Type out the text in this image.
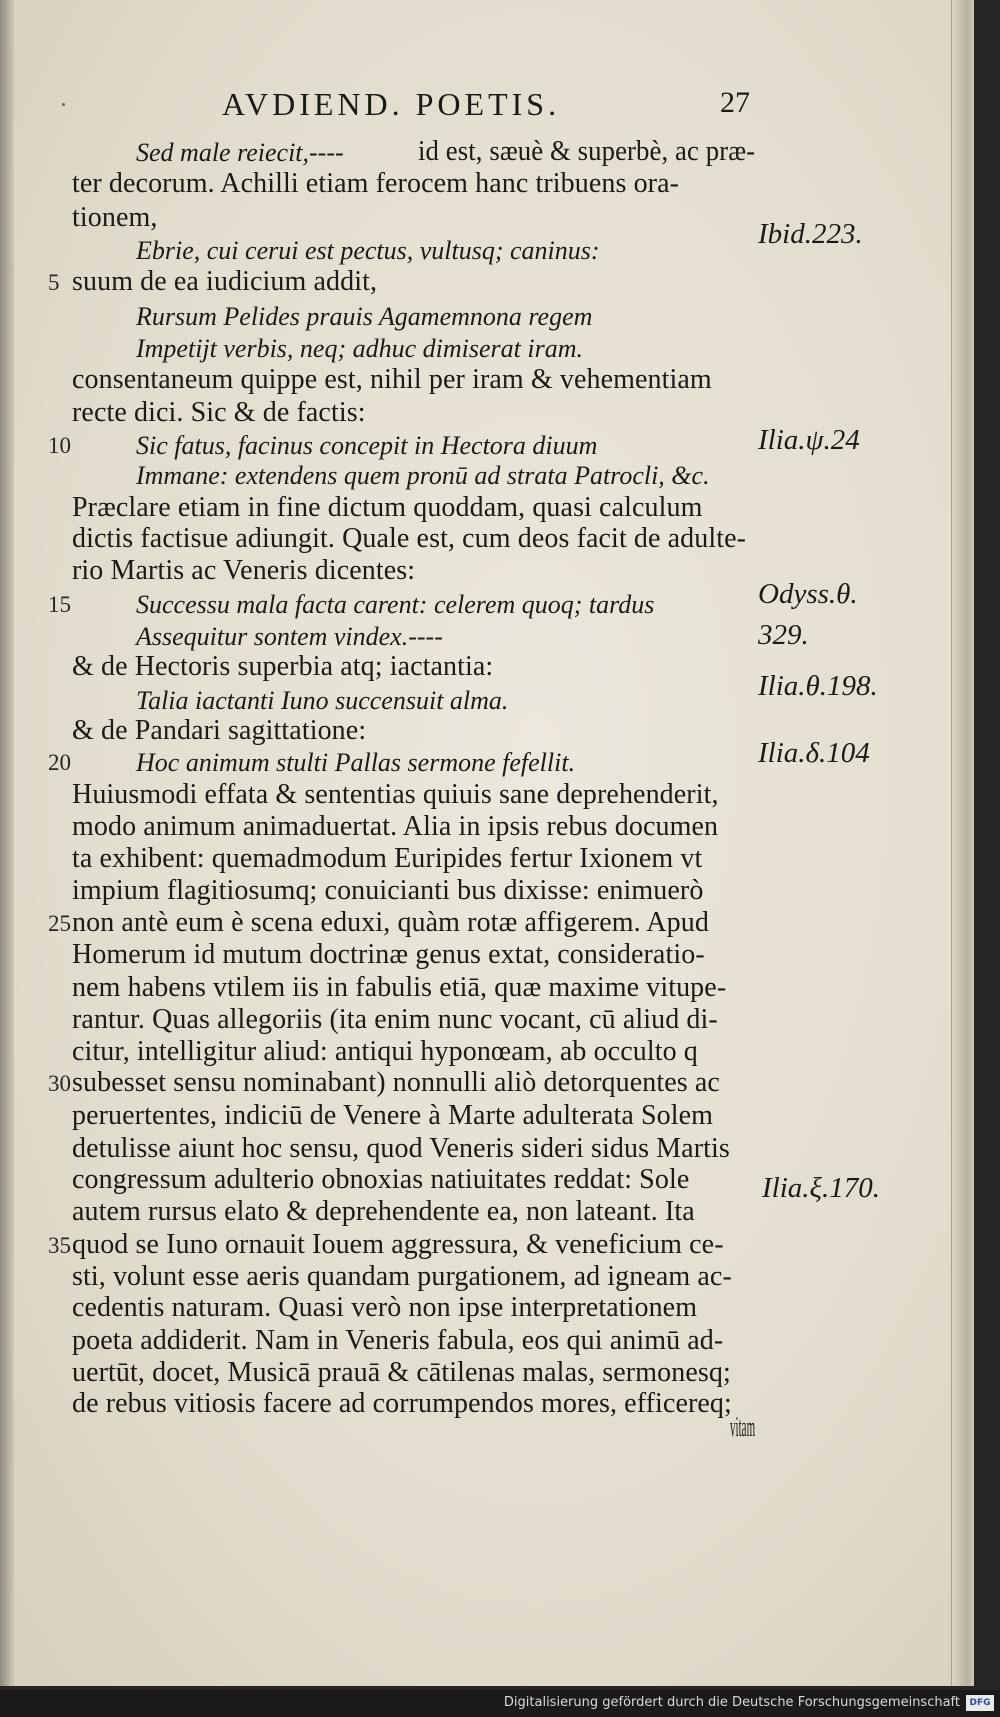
AVDIEND. POETIS.	27
vitam
Ibid.223.
Ilia.ψ.24
Odyss.θ.
329.
Ilia.θ.198.
Ilia.δ.104
Ilia.ξ.170.
Sed male reiecit,----	id est, sæuè & superbè, ac præ-
ter decorum. Achilli etiam ferocem hanc tribuens ora-
tionem,
Ebrie, cui cerui est pectus, vultusq; caninus:
5 suum de ea iudicium addit,
Rursum Pelides prauis Agamemnona regem
Impetijt verbis, neq; adhuc dimiserat iram.
consentaneum quippe est, nihil per iram & vehementiam
recte dici. Sic & de factis:
10	Sic fatus, facinus concepit in Hectora diuum
Immane: extendens quem pronū ad strata Patrocli, &c.
Præclare etiam in fine dictum quoddam, quasi calculum
dictis factisue adiungit. Quale est, cum deos facit de adulte-
rio Martis ac Veneris dicentes:
15	Successu mala facta carent: celerem quoq; tardus
Assequitur sontem vindex.----
& de Hectoris superbia atq; iactantia:
Talia iactanti Iuno succensuit alma.
& de Pandari sagittatione:
20	Hoc animum stulti Pallas sermone fefellit.
Huiusmodi effata & sententias quiuis sane deprehenderit,
modo animum animaduertat. Alia in ipsis rebus documen
ta exhibent: quemadmodum Euripides fertur Ixionem vt
impium flagitiosumq; conuicianti bus dixisse: enimuerò
25 non antè eum è scena eduxi, quàm rotæ affigerem. Apud
Homerum id mutum doctrinæ genus extat, consideratio-
nem habens vtilem iis in fabulis etiā, quæ maxime vitupe-
rantur. Quas allegoriis (ita enim nunc vocant, cū aliud di-
citur, intelligitur aliud: antiqui hyponœam, ab occulto q
30 subesset sensu nominabant) nonnulli aliò detorquentes ac
peruertentes, indiciū de Venere à Marte adulterata Solem
detulisse aiunt hoc sensu, quod Veneris sideri sidus Martis
congressum adulterio obnoxias natiuitates reddat: Sole
autem rursus elato & deprehendente ea, non lateant. Ita
35 quod se Iuno ornauit Iouem aggressura, & veneficium ce-
sti, volunt esse aeris quandam purgationem, ad igneam ac-
cedentis naturam. Quasi verò non ipse interpretationem
poeta addiderit. Nam in Veneris fabula, eos qui animū ad-
uertūt, docet, Musicā prauā & cātilenas malas, sermonesq;
de rebus vitiosis facere ad corrumpendos mores, efficereq;
Digitalisierung gefördert durch die Deutsche Forschungsgemeinschaft	DFG
